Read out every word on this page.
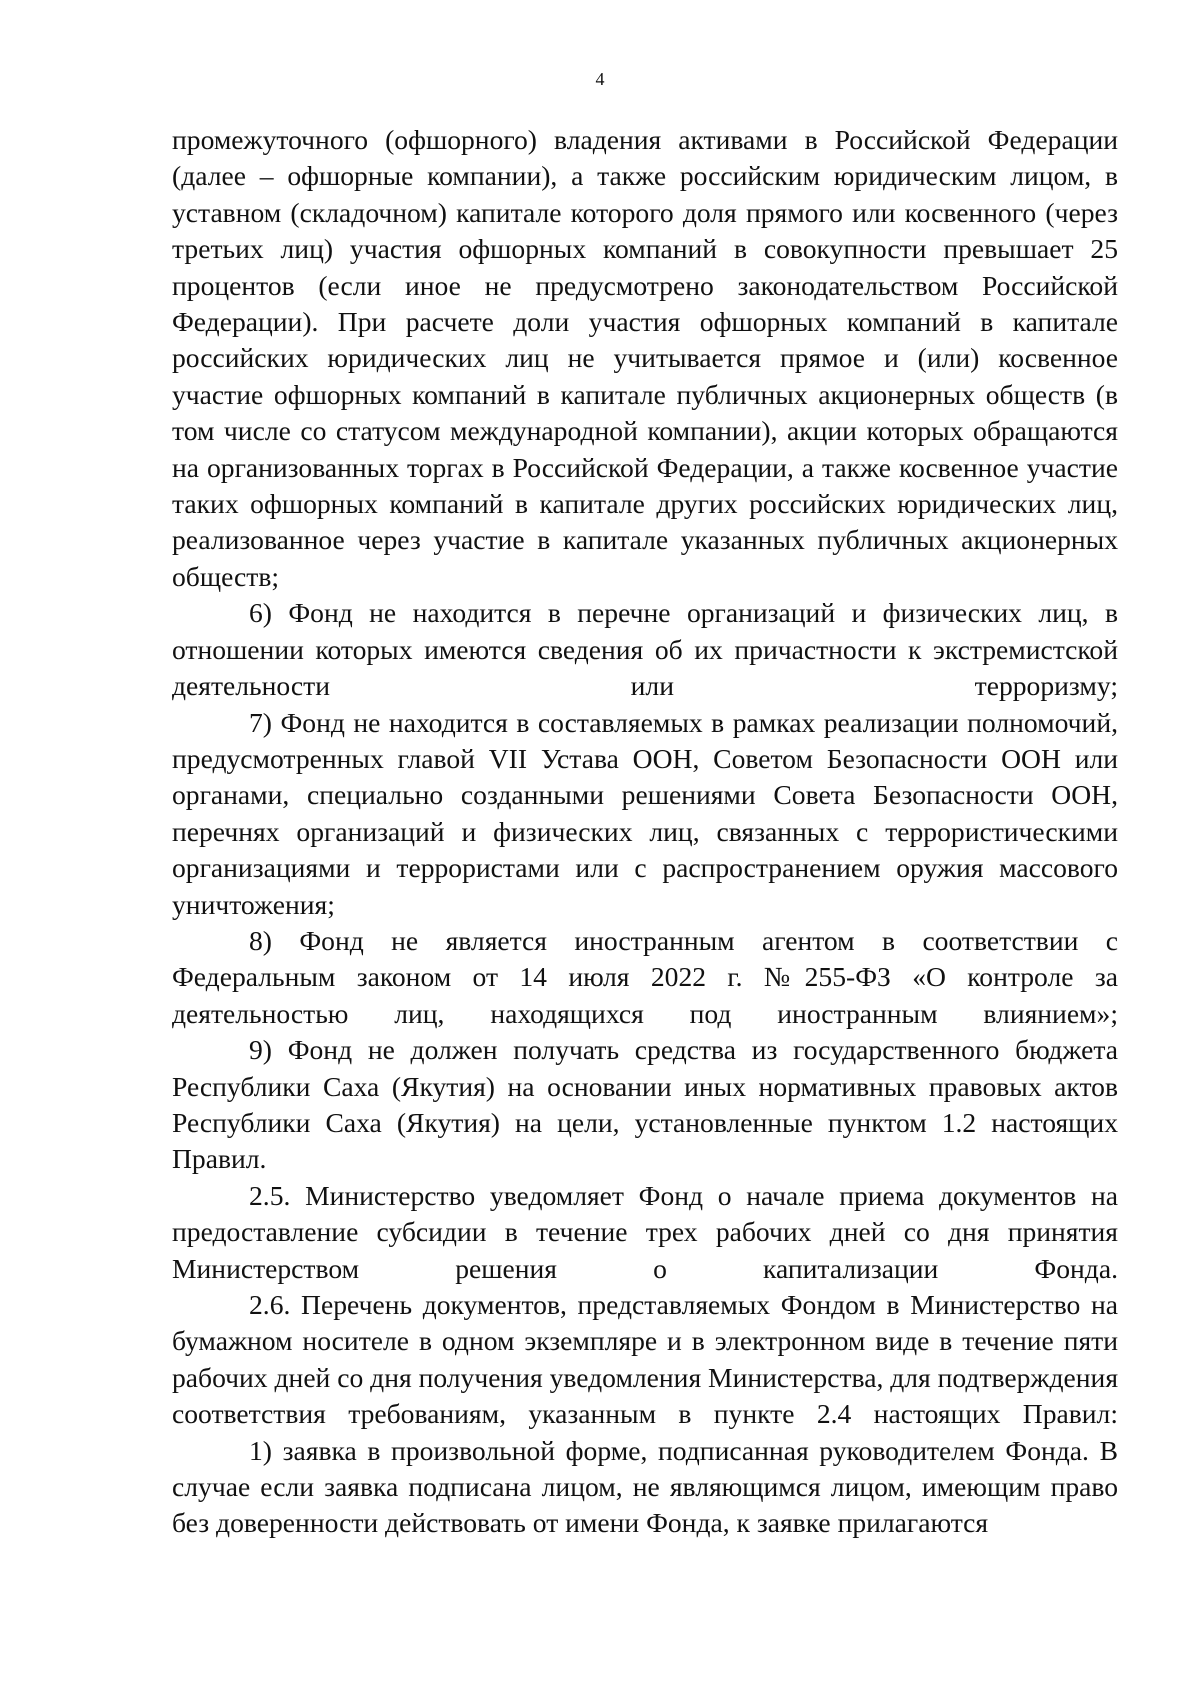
4
промежуточного (офшорного) владения активами в Российской Федерации (далее – офшорные компании), а также российским юридическим лицом, в уставном (складочном) капитале которого доля прямого или косвенного (через третьих лиц) участия офшорных компаний в совокупности превышает 25 процентов (если иное не предусмотрено законодательством Российской Федерации). При расчете доли участия офшорных компаний в капитале российских юридических лиц не учитывается прямое и (или) косвенное участие офшорных компаний в капитале публичных акционерных обществ (в том числе со статусом международной компании), акции которых обращаются на организованных торгах в Российской Федерации, а также косвенное участие таких офшорных компаний в капитале других российских юридических лиц, реализованное через участие в капитале указанных публичных акционерных обществ;
6) Фонд не находится в перечне организаций и физических лиц, в отношении которых имеются сведения об их причастности к экстремистской деятельности или терроризму;
7) Фонд не находится в составляемых в рамках реализации полномочий, предусмотренных главой VII Устава ООН, Советом Безопасности ООН или органами, специально созданными решениями Совета Безопасности ООН, перечнях организаций и физических лиц, связанных с террористическими организациями и террористами или с распространением оружия массового уничтожения;
8) Фонд не является иностранным агентом в соответствии с Федеральным законом от 14 июля 2022 г. №255-ФЗ «О контроле за деятельностью лиц, находящихся под иностранным влиянием»;
9) Фонд не должен получать средства из государственного бюджета Республики Саха (Якутия) на основании иных нормативных правовых актов Республики Саха (Якутия) на цели, установленные пунктом 1.2 настоящих Правил.
2.5. Министерство уведомляет Фонд о начале приема документов на предоставление субсидии в течение трех рабочих дней со дня принятия Министерством решения о капитализации Фонда.
2.6. Перечень документов, представляемых Фондом в Министерство на бумажном носителе в одном экземпляре и в электронном виде в течение пяти рабочих дней со дня получения уведомления Министерства, для подтверждения соответствия требованиям, указанным в пункте 2.4 настоящих Правил:
1) заявка в произвольной форме, подписанная руководителем Фонда. В случае если заявка подписана лицом, не являющимся лицом, имеющим право без доверенности действовать от имени Фонда, к заявке прилагаются
